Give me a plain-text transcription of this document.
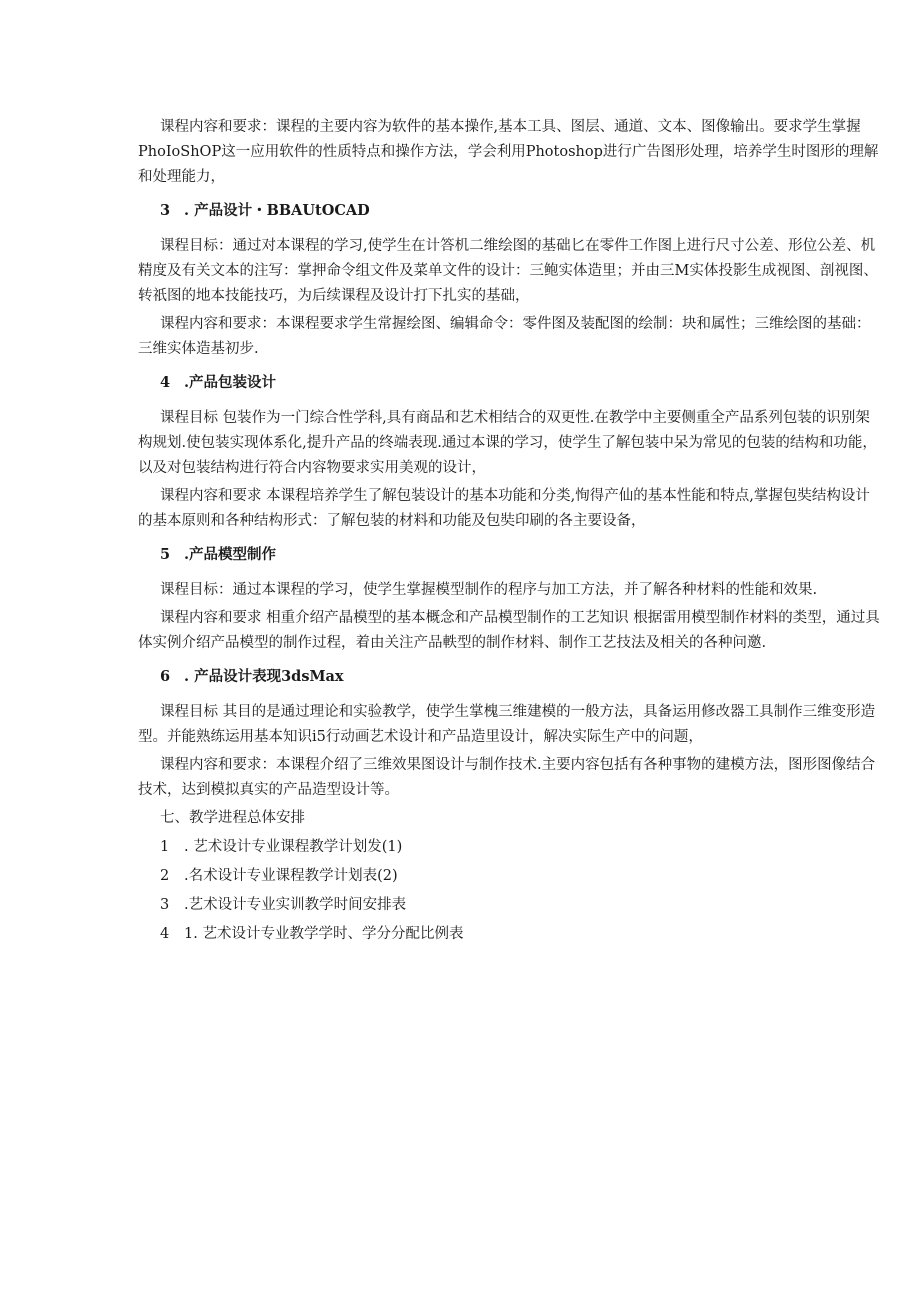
课程内容和要求：课程的主要内容为软件的基本操作,基本工具、图层、通道、文本、图像输出。要求学生掌握PhoIoShOP这一应用软件的性质特点和操作方法，学会利用Photoshop进行广告图形处理，培养学生时图形的理解和处理能力，

3 . 产品设计・BBAUtOCAD

课程目标：通过对本课程的学习,使学生在计答机二维绘图的基础匕在零件工作图上进行尺寸公差、形位公差、机精度及有关文本的注写：掌押命令组文件及菜单文件的设计：三鲍实体造里；并由三M实体投影生成视图、剖视图、转祇图的地本技能技巧，为后续课程及设计打下扎实的基础，

课程内容和要求：本课程要求学生常握绘图、编辑命令：零件图及装配图的绘制：块和属性；三维绘图的基础：三维实体造基初步.

4 .产品包装设计

课程目标 包装作为一门综合性学科,具有商品和艺术相结合的双更性.在教学中主要侧重全产品系列包装的识别架构规划.使包装实现体系化,提升产品的终端表现.通过本课的学习，使学生了解包装中呆为常见的包装的结构和功能，以及对包装结构进行符合内容物要求实用美观的设计，

课程内容和要求 本课程培养学生了解包装设计的基本功能和分类,恂得产仙的基本性能和特点,掌握包奘结构设计的基本原则和各种结构形式：了解包装的材料和功能及包奘印刷的各主要设备，

5 .产品模型制作

课程目标：通过本课程的学习，使学生掌握模型制作的程序与加工方法，并了解各种材料的性能和效果.

课程内容和要求 相重介绍产晶模型的基本概念和产品模型制作的工艺知识 根据雷用模型制作材料的类型，通过具体实例介绍产品模型的制作过程，着由关注产品軼型的制作材料、制作工艺技法及相关的各种问邀.

6 . 产品设计表现3dsMax

课程目标 其目的是通过理论和实验教学，使学生掌槐三维建模的一般方法，具备运用修改器工具制作三维变形造型。并能熟练运用基本知识i5行动画艺术设计和产品造里设计，解决实际生产中的问题，

课程内容和要求：本课程介绍了三维效果图设计与制作技术.主要内容包括有各种事物的建模方法，图形图像结合技术，达到模拟真实的产品造型设计等。

七、教学进程总体安排
1 . 艺术设计专业课程教学计划发(1)
2 .名术设计专业课程教学计划表(2)
3 .艺术设计专业实训教学时间安排表
4 1. 艺术设计专业教学学时、学分分配比例表
